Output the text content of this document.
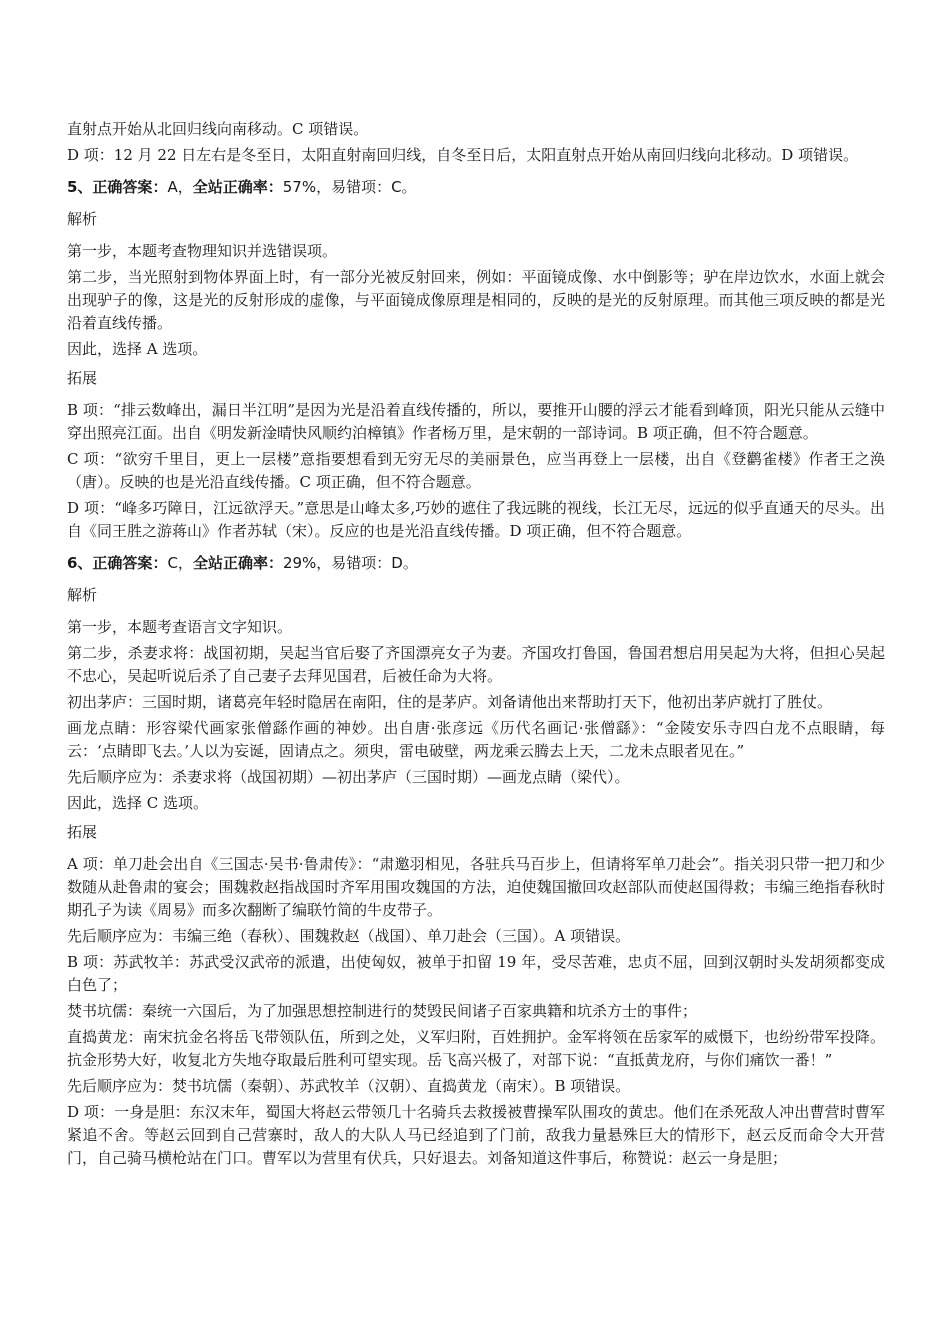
直射点开始从北回归线向南移动。C 项错误。

D 项：12 月 22 日左右是冬至日，太阳直射南回归线，自冬至日后，太阳直射点开始从南回归线向北移动。D 项错误。

5、正确答案：A，全站正确率：57%，易错项：C。

解析

第一步，本题考查物理知识并选错误项。

第二步，当光照射到物体界面上时，有一部分光被反射回来，例如：平面镜成像、水中倒影等；驴在岸边饮水，水面上就会出现驴子的像，这是光的反射形成的虚像，与平面镜成像原理是相同的，反映的是光的反射原理。而其他三项反映的都是光沿着直线传播。

因此，选择 A 选项。

拓展

B 项：“排云数峰出，漏日半江明”是因为光是沿着直线传播的，所以，要推开山腰的浮云才能看到峰顶，阳光只能从云缝中穿出照亮江面。出自《明发新淦晴快风顺约泊樟镇》作者杨万里，是宋朝的一部诗词。B 项正确，但不符合题意。

C 项：“欲穷千里目，更上一层楼”意指要想看到无穷无尽的美丽景色，应当再登上一层楼，出自《登鹳雀楼》作者王之涣（唐）。反映的也是光沿直线传播。C 项正确，但不符合题意。

D 项：“峰多巧障日，江远欲浮天。”意思是山峰太多,巧妙的遮住了我远眺的视线，长江无尽，远远的似乎直通天的尽头。出自《同王胜之游蒋山》作者苏轼（宋）。反应的也是光沿直线传播。D 项正确，但不符合题意。

6、正确答案：C，全站正确率：29%，易错项：D。

解析

第一步，本题考查语言文字知识。

第二步，杀妻求将：战国初期，吴起当官后娶了齐国漂亮女子为妻。齐国攻打鲁国，鲁国君想启用吴起为大将，但担心吴起不忠心，吴起听说后杀了自己妻子去拜见国君，后被任命为大将。

初出茅庐：三国时期，诸葛亮年轻时隐居在南阳，住的是茅庐。刘备请他出来帮助打天下，他初出茅庐就打了胜仗。

画龙点睛：形容梁代画家张僧繇作画的神妙。出自唐·张彦远《历代名画记·张僧繇》：“金陵安乐寺四白龙不点眼睛，每云：‘点睛即飞去。’人以为妄诞，固请点之。须臾，雷电破壁，两龙乘云腾去上天，二龙未点眼者见在。”

先后顺序应为：杀妻求将（战国初期）—初出茅庐（三国时期）—画龙点睛（梁代）。

因此，选择 C 选项。

拓展

A 项：单刀赴会出自《三国志·吴书·鲁肃传》：“肃邀羽相见，各驻兵马百步上，但请将军单刀赴会”。指关羽只带一把刀和少数随从赴鲁肃的宴会；围魏救赵指战国时齐军用围攻魏国的方法，迫使魏国撤回攻赵部队而使赵国得救；韦编三绝指春秋时期孔子为读《周易》而多次翻断了编联竹简的牛皮带子。

先后顺序应为：韦编三绝（春秋）、围魏救赵（战国）、单刀赴会（三国）。A 项错误。

B 项：苏武牧羊：苏武受汉武帝的派遣，出使匈奴，被单于扣留 19 年，受尽苦难，忠贞不屈，回到汉朝时头发胡须都变成白色了；

焚书坑儒：秦统一六国后，为了加强思想控制进行的焚毁民间诸子百家典籍和坑杀方士的事件；

直捣黄龙：南宋抗金名将岳飞带领队伍，所到之处，义军归附，百姓拥护。金军将领在岳家军的威慑下，也纷纷带军投降。抗金形势大好，收复北方失地夺取最后胜利可望实现。岳飞高兴极了，对部下说：“直抵黄龙府，与你们痛饮一番！”

先后顺序应为：焚书坑儒（秦朝）、苏武牧羊（汉朝）、直捣黄龙（南宋）。B 项错误。

D 项：一身是胆：东汉末年，蜀国大将赵云带领几十名骑兵去救援被曹操军队围攻的黄忠。他们在杀死敌人冲出曹营时曹军紧追不舍。等赵云回到自己营寨时，敌人的大队人马已经追到了门前，敌我力量悬殊巨大的情形下，赵云反而命令大开营门，自己骑马横枪站在门口。曹军以为营里有伏兵，只好退去。刘备知道这件事后，称赞说：赵云一身是胆；
